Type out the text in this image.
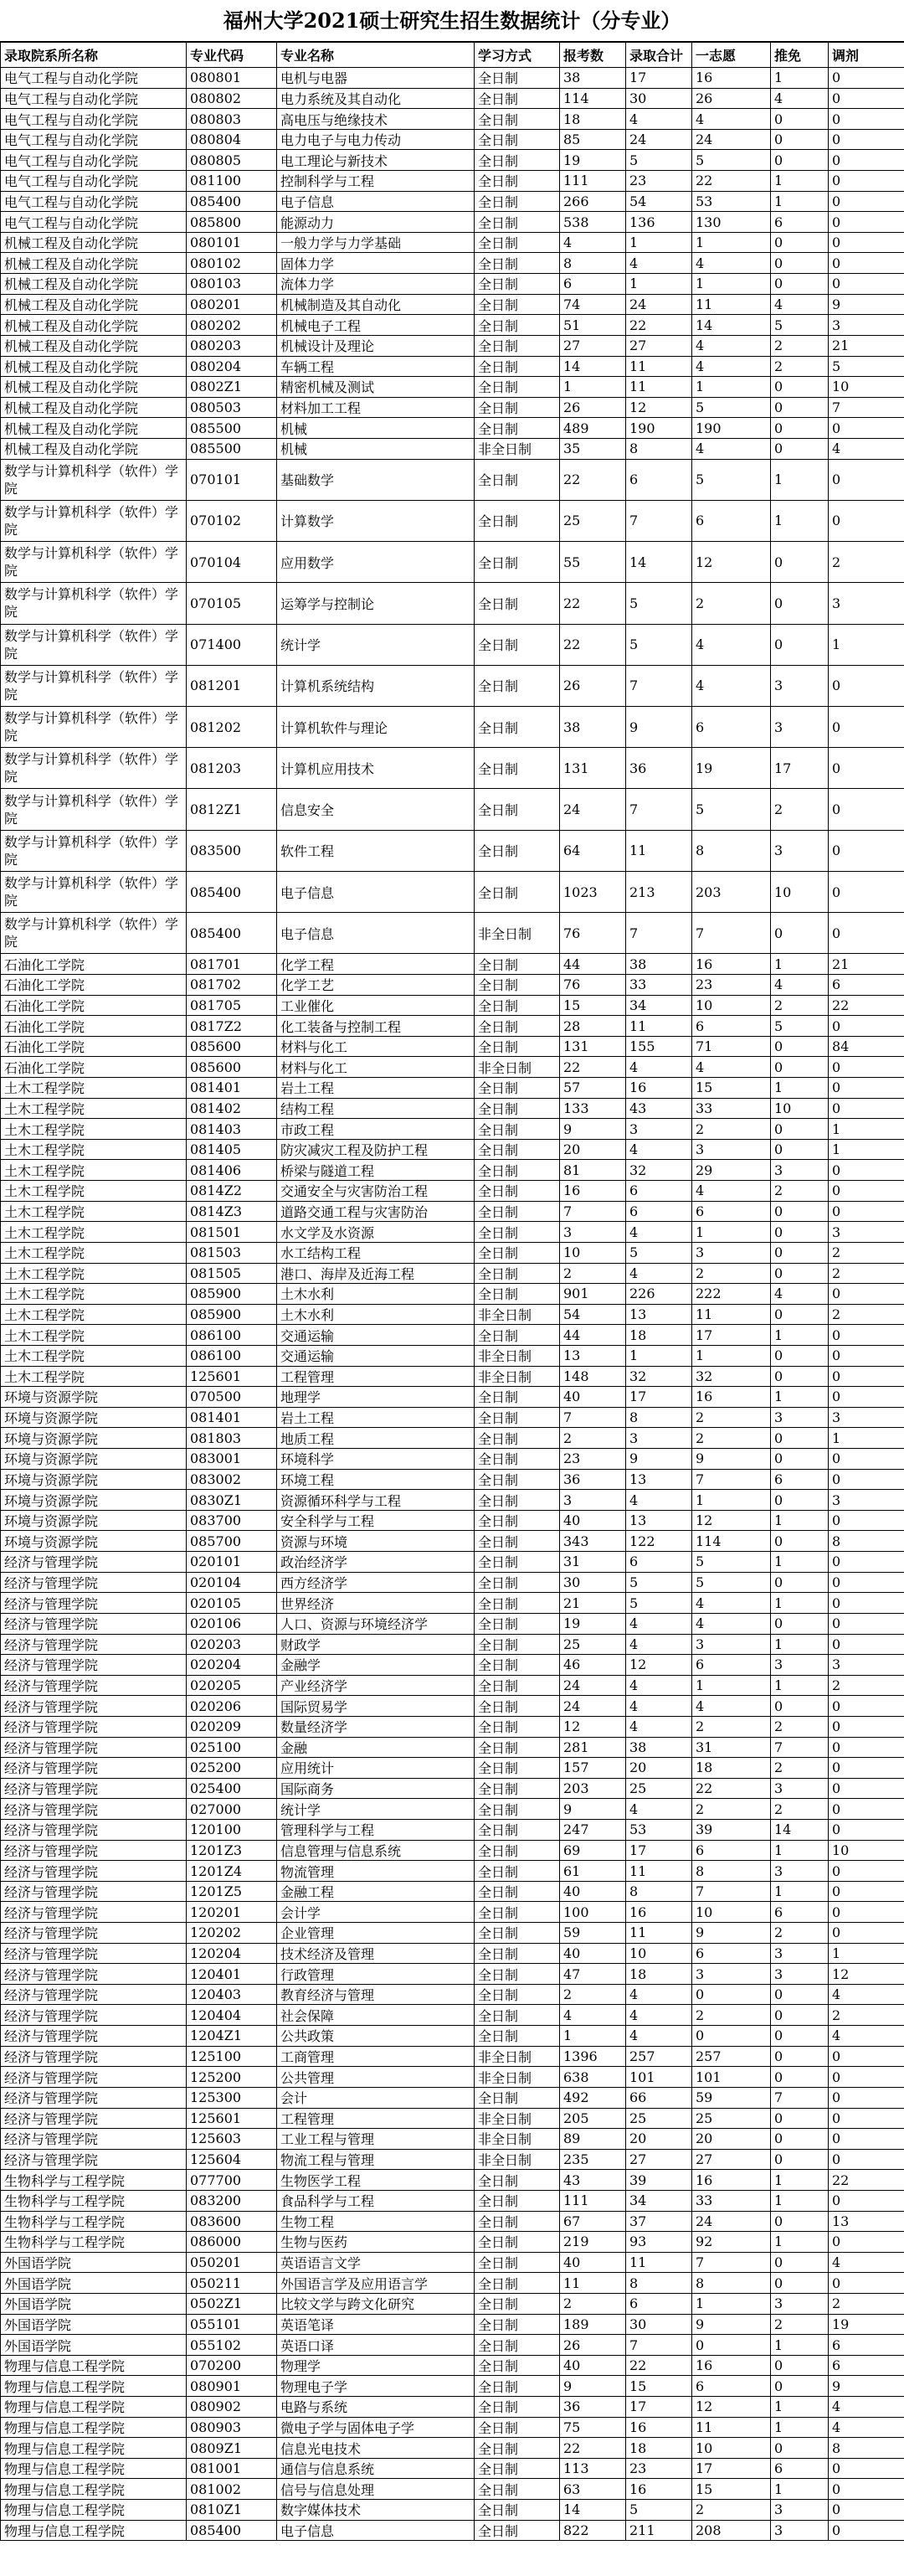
福州大学2021硕士研究生招生数据统计（分专业）
录取院系所名称	专业代码	专业名称	学习方式	报考数	录取合计	一志愿	推免	调剂
电气工程与自动化学院	080801	电机与电器	全日制	38	17	16	1	0
电气工程与自动化学院	080802	电力系统及其自动化	全日制	114	30	26	4	0
电气工程与自动化学院	080803	高电压与绝缘技术	全日制	18	4	4	0	0
电气工程与自动化学院	080804	电力电子与电力传动	全日制	85	24	24	0	0
电气工程与自动化学院	080805	电工理论与新技术	全日制	19	5	5	0	0
电气工程与自动化学院	081100	控制科学与工程	全日制	111	23	22	1	0
电气工程与自动化学院	085400	电子信息	全日制	266	54	53	1	0
电气工程与自动化学院	085800	能源动力	全日制	538	136	130	6	0
机械工程及自动化学院	080101	一般力学与力学基础	全日制	4	1	1	0	0
机械工程及自动化学院	080102	固体力学	全日制	8	4	4	0	0
机械工程及自动化学院	080103	流体力学	全日制	6	1	1	0	0
机械工程及自动化学院	080201	机械制造及其自动化	全日制	74	24	11	4	9
机械工程及自动化学院	080202	机械电子工程	全日制	51	22	14	5	3
机械工程及自动化学院	080203	机械设计及理论	全日制	27	27	4	2	21
机械工程及自动化学院	080204	车辆工程	全日制	14	11	4	2	5
机械工程及自动化学院	0802Z1	精密机械及测试	全日制	1	11	1	0	10
机械工程及自动化学院	080503	材料加工工程	全日制	26	12	5	0	7
机械工程及自动化学院	085500	机械	全日制	489	190	190	0	0
机械工程及自动化学院	085500	机械	非全日制	35	8	4	0	4
数学与计算机科学（软件）学院	070101	基础数学	全日制	22	6	5	1	0
数学与计算机科学（软件）学院	070102	计算数学	全日制	25	7	6	1	0
数学与计算机科学（软件）学院	070104	应用数学	全日制	55	14	12	0	2
数学与计算机科学（软件）学院	070105	运筹学与控制论	全日制	22	5	2	0	3
数学与计算机科学（软件）学院	071400	统计学	全日制	22	5	4	0	1
数学与计算机科学（软件）学院	081201	计算机系统结构	全日制	26	7	4	3	0
数学与计算机科学（软件）学院	081202	计算机软件与理论	全日制	38	9	6	3	0
数学与计算机科学（软件）学院	081203	计算机应用技术	全日制	131	36	19	17	0
数学与计算机科学（软件）学院	0812Z1	信息安全	全日制	24	7	5	2	0
数学与计算机科学（软件）学院	083500	软件工程	全日制	64	11	8	3	0
数学与计算机科学（软件）学院	085400	电子信息	全日制	1023	213	203	10	0
数学与计算机科学（软件）学院	085400	电子信息	非全日制	76	7	7	0	0
石油化工学院	081701	化学工程	全日制	44	38	16	1	21
石油化工学院	081702	化学工艺	全日制	76	33	23	4	6
石油化工学院	081705	工业催化	全日制	15	34	10	2	22
石油化工学院	0817Z2	化工装备与控制工程	全日制	28	11	6	5	0
石油化工学院	085600	材料与化工	全日制	131	155	71	0	84
石油化工学院	085600	材料与化工	非全日制	22	4	4	0	0
土木工程学院	081401	岩土工程	全日制	57	16	15	1	0
土木工程学院	081402	结构工程	全日制	133	43	33	10	0
土木工程学院	081403	市政工程	全日制	9	3	2	0	1
土木工程学院	081405	防灾减灾工程及防护工程	全日制	20	4	3	0	1
土木工程学院	081406	桥梁与隧道工程	全日制	81	32	29	3	0
土木工程学院	0814Z2	交通安全与灾害防治工程	全日制	16	6	4	2	0
土木工程学院	0814Z3	道路交通工程与灾害防治	全日制	7	6	6	0	0
土木工程学院	081501	水文学及水资源	全日制	3	4	1	0	3
土木工程学院	081503	水工结构工程	全日制	10	5	3	0	2
土木工程学院	081505	港口、海岸及近海工程	全日制	2	4	2	0	2
土木工程学院	085900	土木水利	全日制	901	226	222	4	0
土木工程学院	085900	土木水利	非全日制	54	13	11	0	2
土木工程学院	086100	交通运输	全日制	44	18	17	1	0
土木工程学院	086100	交通运输	非全日制	13	1	1	0	0
土木工程学院	125601	工程管理	非全日制	148	32	32	0	0
环境与资源学院	070500	地理学	全日制	40	17	16	1	0
环境与资源学院	081401	岩土工程	全日制	7	8	2	3	3
环境与资源学院	081803	地质工程	全日制	2	3	2	0	1
环境与资源学院	083001	环境科学	全日制	23	9	9	0	0
环境与资源学院	083002	环境工程	全日制	36	13	7	6	0
环境与资源学院	0830Z1	资源循环科学与工程	全日制	3	4	1	0	3
环境与资源学院	083700	安全科学与工程	全日制	40	13	12	1	0
环境与资源学院	085700	资源与环境	全日制	343	122	114	0	8
经济与管理学院	020101	政治经济学	全日制	31	6	5	1	0
经济与管理学院	020104	西方经济学	全日制	30	5	5	0	0
经济与管理学院	020105	世界经济	全日制	21	5	4	1	0
经济与管理学院	020106	人口、资源与环境经济学	全日制	19	4	4	0	0
经济与管理学院	020203	财政学	全日制	25	4	3	1	0
经济与管理学院	020204	金融学	全日制	46	12	6	3	3
经济与管理学院	020205	产业经济学	全日制	24	4	1	1	2
经济与管理学院	020206	国际贸易学	全日制	24	4	4	0	0
经济与管理学院	020209	数量经济学	全日制	12	4	2	2	0
经济与管理学院	025100	金融	全日制	281	38	31	7	0
经济与管理学院	025200	应用统计	全日制	157	20	18	2	0
经济与管理学院	025400	国际商务	全日制	203	25	22	3	0
经济与管理学院	027000	统计学	全日制	9	4	2	2	0
经济与管理学院	120100	管理科学与工程	全日制	247	53	39	14	0
经济与管理学院	1201Z3	信息管理与信息系统	全日制	69	17	6	1	10
经济与管理学院	1201Z4	物流管理	全日制	61	11	8	3	0
经济与管理学院	1201Z5	金融工程	全日制	40	8	7	1	0
经济与管理学院	120201	会计学	全日制	100	16	10	6	0
经济与管理学院	120202	企业管理	全日制	59	11	9	2	0
经济与管理学院	120204	技术经济及管理	全日制	40	10	6	3	1
经济与管理学院	120401	行政管理	全日制	47	18	3	3	12
经济与管理学院	120403	教育经济与管理	全日制	2	4	0	0	4
经济与管理学院	120404	社会保障	全日制	4	4	2	0	2
经济与管理学院	1204Z1	公共政策	全日制	1	4	0	0	4
经济与管理学院	125100	工商管理	非全日制	1396	257	257	0	0
经济与管理学院	125200	公共管理	非全日制	638	101	101	0	0
经济与管理学院	125300	会计	全日制	492	66	59	7	0
经济与管理学院	125601	工程管理	非全日制	205	25	25	0	0
经济与管理学院	125603	工业工程与管理	非全日制	89	20	20	0	0
经济与管理学院	125604	物流工程与管理	非全日制	235	27	27	0	0
生物科学与工程学院	077700	生物医学工程	全日制	43	39	16	1	22
生物科学与工程学院	083200	食品科学与工程	全日制	111	34	33	1	0
生物科学与工程学院	083600	生物工程	全日制	67	37	24	0	13
生物科学与工程学院	086000	生物与医药	全日制	219	93	92	1	0
外国语学院	050201	英语语言文学	全日制	40	11	7	0	4
外国语学院	050211	外国语言学及应用语言学	全日制	11	8	8	0	0
外国语学院	0502Z1	比较文学与跨文化研究	全日制	2	6	1	3	2
外国语学院	055101	英语笔译	全日制	189	30	9	2	19
外国语学院	055102	英语口译	全日制	26	7	0	1	6
物理与信息工程学院	070200	物理学	全日制	40	22	16	0	6
物理与信息工程学院	080901	物理电子学	全日制	9	15	6	0	9
物理与信息工程学院	080902	电路与系统	全日制	36	17	12	1	4
物理与信息工程学院	080903	微电子学与固体电子学	全日制	75	16	11	1	4
物理与信息工程学院	0809Z1	信息光电技术	全日制	22	18	10	0	8
物理与信息工程学院	081001	通信与信息系统	全日制	113	23	17	6	0
物理与信息工程学院	081002	信号与信息处理	全日制	63	16	15	1	0
物理与信息工程学院	0810Z1	数字媒体技术	全日制	14	5	2	3	0
物理与信息工程学院	085400	电子信息	全日制	822	211	208	3	0
